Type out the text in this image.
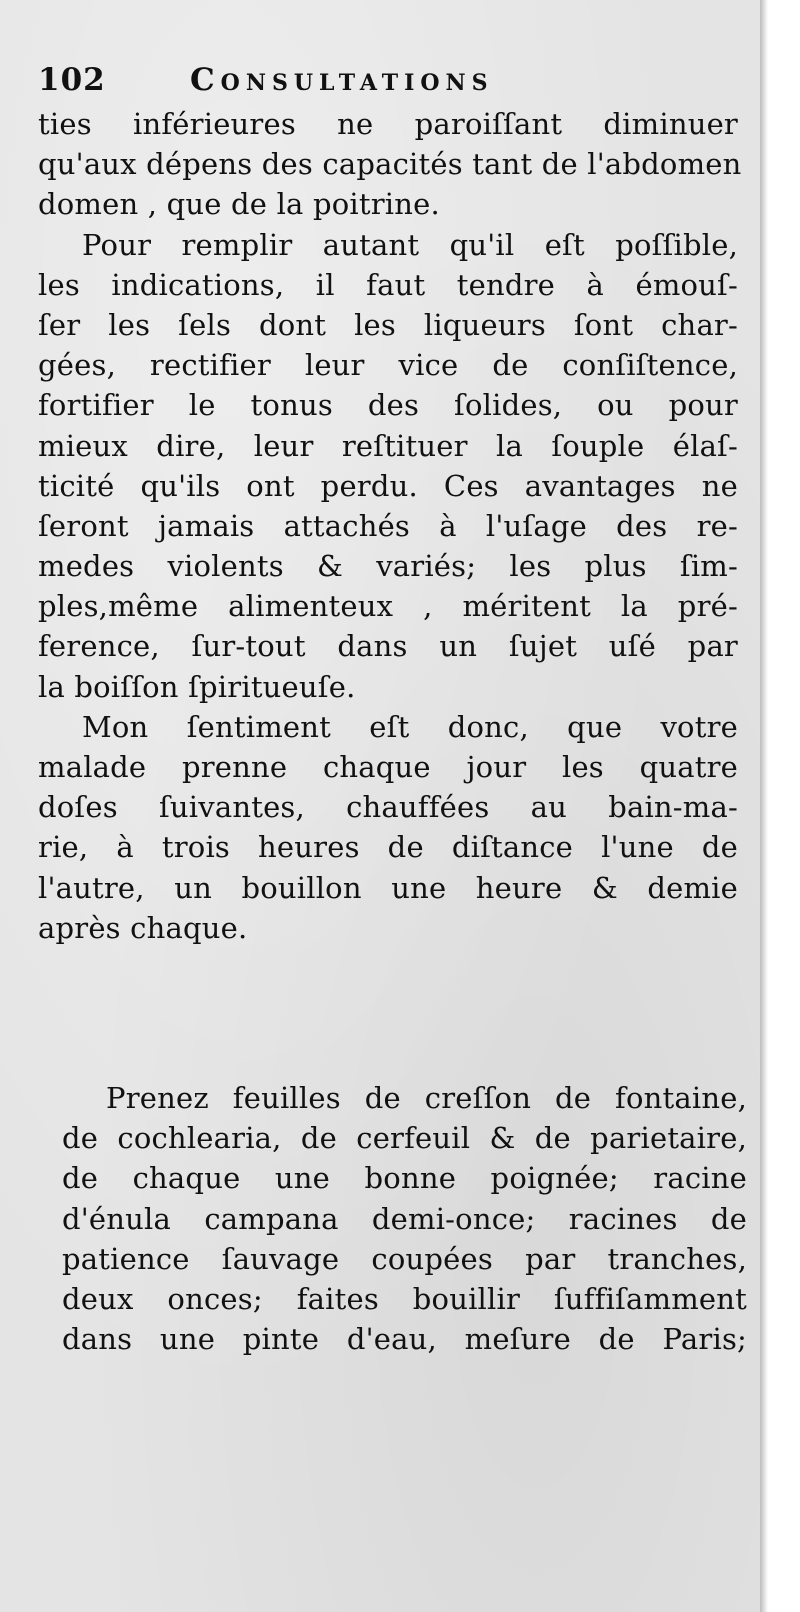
102	Consultations
ties inférieures ne paroiſſant diminuer
qu'aux dépens des capacités tant de l'abdomen
domen , que de la poitrine.
Pour remplir autant qu'il eſt poſſible,
les indications, il faut tendre à émouſ-
ſer les ſels dont les liqueurs ſont char-
gées, rectifier leur vice de conſiſtence,
fortifier le tonus des ſolides, ou pour
mieux dire, leur reſtituer la ſouple élaſ-
ticité qu'ils ont perdu. Ces avantages ne
ſeront jamais attachés à l'uſage des re-
medes violents & variés; les plus ſim-
ples,même alimenteux , méritent la pré-
ference, ſur-tout dans un ſujet uſé par
la boiſſon ſpiritueuſe.
Mon ſentiment eſt donc, que votre
malade prenne chaque jour les quatre
doſes ſuivantes, chauffées au bain-ma-
rie, à trois heures de diſtance l'une de
l'autre, un bouillon une heure & demie
après chaque.
Prenez feuilles de creſſon de fontaine,
de cochlearia, de cerfeuil & de parietaire,
de chaque une bonne poignée; racine
d'énula campana demi-once; racines de
patience ſauvage coupées par tranches,
deux onces; faites bouillir ſuffiſamment
dans une pinte d'eau, meſure de Paris;
